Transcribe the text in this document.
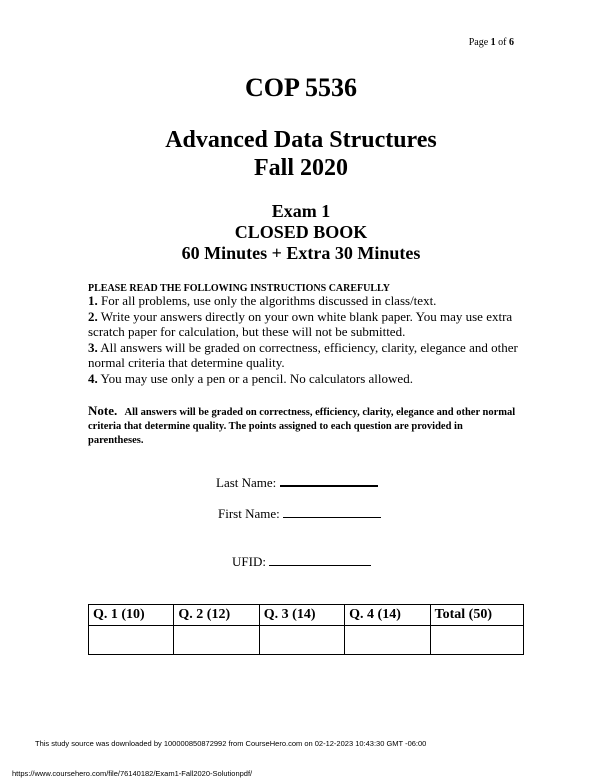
Page 1 of 6
COP 5536
Advanced Data Structures
Fall 2020
Exam 1
CLOSED BOOK
60 Minutes + Extra 30 Minutes
PLEASE READ THE FOLLOWING INSTRUCTIONS CAREFULLY
1. For all problems, use only the algorithms discussed in class/text.
2. Write your answers directly on your own white blank paper. You may use extra scratch paper for calculation, but these will not be submitted.
3. All answers will be graded on correctness, efficiency, clarity, elegance and other normal criteria that determine quality.
4. You may use only a pen or a pencil. No calculators allowed.
Note. All answers will be graded on correctness, efficiency, clarity, elegance and other normal criteria that determine quality. The points assigned to each question are provided in parentheses.
Last Name:
First Name:
UFID:
Q. 1 (10)	Q. 2 (12)	Q. 3 (14)	Q. 4 (14)	Total (50)

This study source was downloaded by 100000850872992 from CourseHero.com on 02-12-2023 10:43:30 GMT -06:00
https://www.coursehero.com/file/76140182/Exam1-Fall2020-Solutionpdf/
